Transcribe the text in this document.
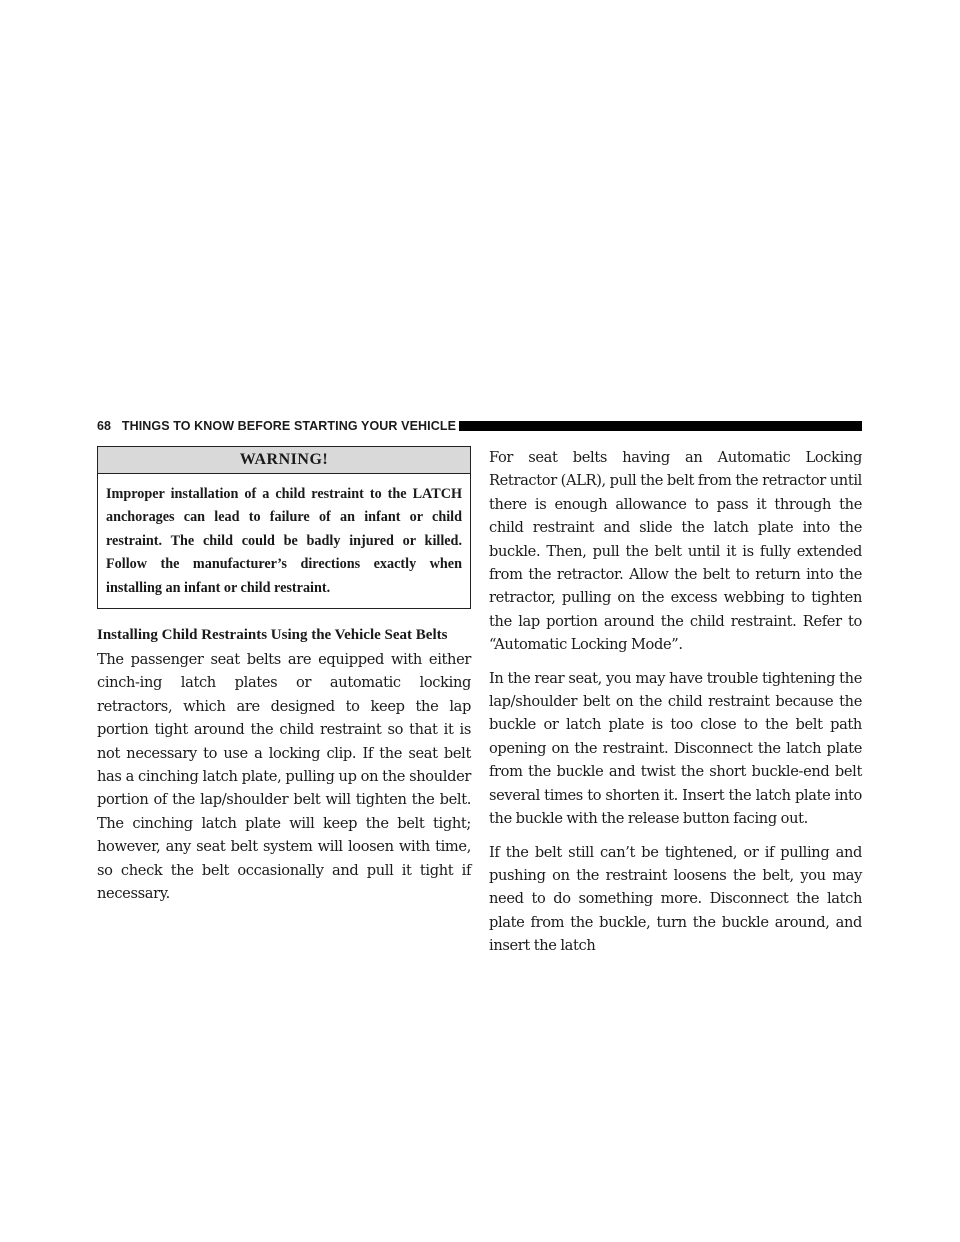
68 THINGS TO KNOW BEFORE STARTING YOUR VEHICLE
WARNING!
Improper installation of a child restraint to the LATCH anchorages can lead to failure of an infant or child restraint. The child could be badly injured or killed. Follow the manufacturer’s directions exactly when installing an infant or child restraint.
Installing Child Restraints Using the Vehicle Seat Belts

The passenger seat belts are equipped with either cinch-ing latch plates or automatic locking retractors, which are designed to keep the lap portion tight around the child restraint so that it is not necessary to use a locking clip. If the seat belt has a cinching latch plate, pulling up on the shoulder portion of the lap/shoulder belt will tighten the belt. The cinching latch plate will keep the belt tight; however, any seat belt system will loosen with time, so check the belt occasionally and pull it tight if necessary.

For seat belts having an Automatic Locking Retractor (ALR), pull the belt from the retractor until there is enough allowance to pass it through the child restraint and slide the latch plate into the buckle. Then, pull the belt until it is fully extended from the retractor. Allow the belt to return into the retractor, pulling on the excess webbing to tighten the lap portion around the child restraint. Refer to “Automatic Locking Mode”.

In the rear seat, you may have trouble tightening the lap/shoulder belt on the child restraint because the buckle or latch plate is too close to the belt path opening on the restraint. Disconnect the latch plate from the buckle and twist the short buckle-end belt several times to shorten it. Insert the latch plate into the buckle with the release button facing out.

If the belt still can’t be tightened, or if pulling and pushing on the restraint loosens the belt, you may need to do something more. Disconnect the latch plate from the buckle, turn the buckle around, and insert the latch
